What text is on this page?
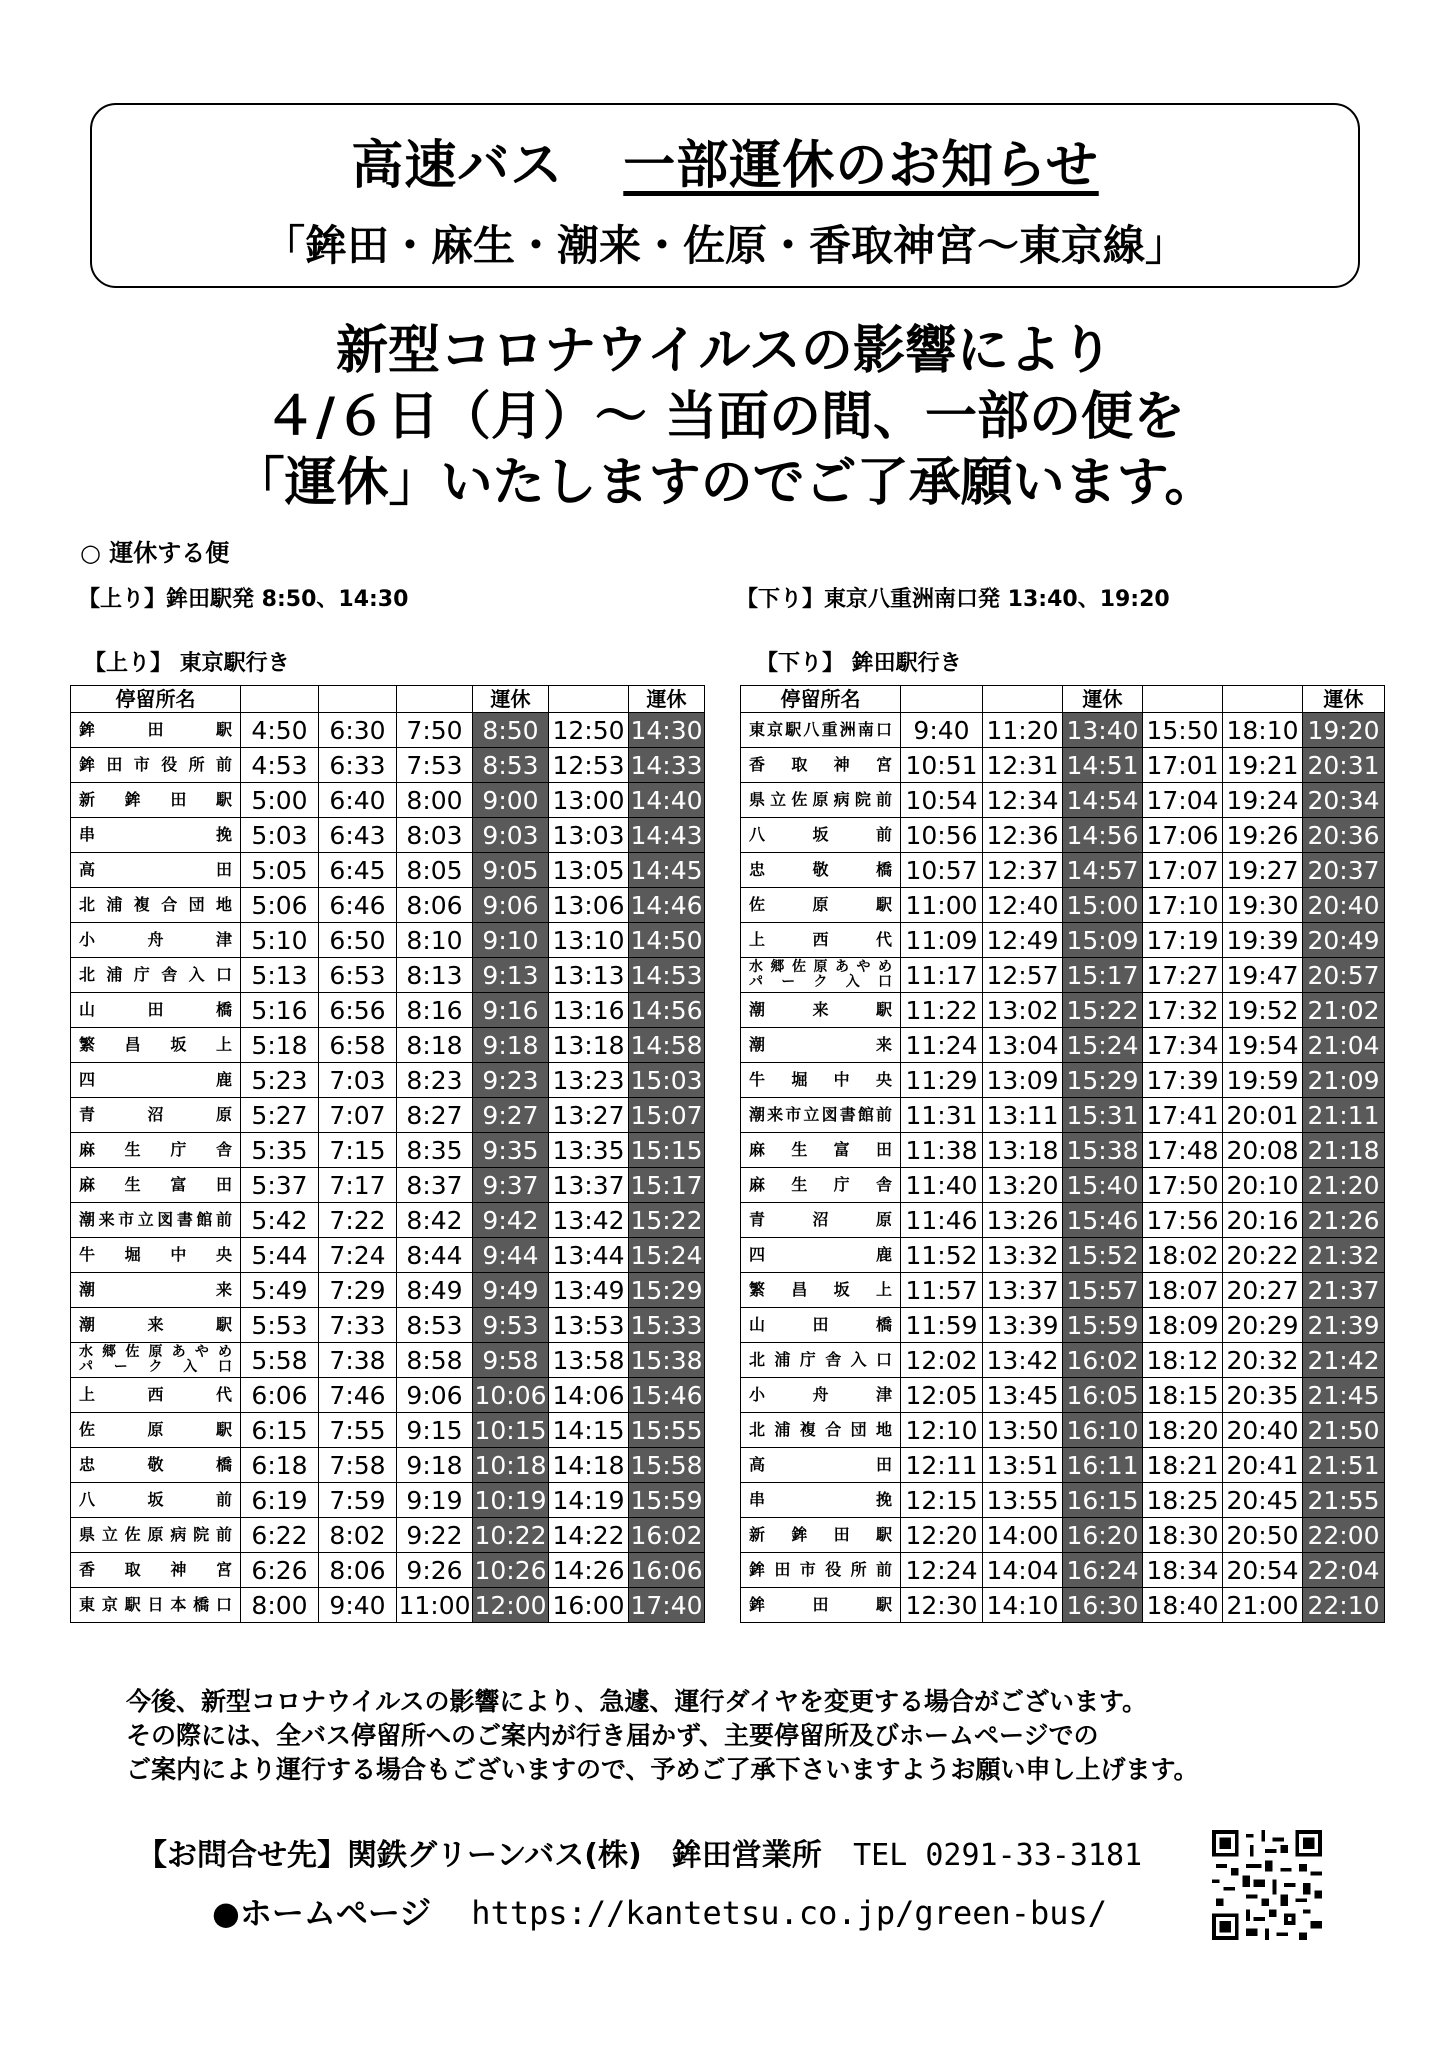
高速バス 一部運休のお知らせ
「鉾田・麻生・潮来・佐原・香取神宮～東京線」
新型コロナウイルスの影響により
４/６日（月）～ 当面の間、一部の便を
「運休」いたしますのでご了承願います。
○ 運休する便
【上り】鉾田駅発 8:50、14:30	【下り】東京八重洲南口発 13:40、19:20
【上り】 東京駅行き	【下り】 鉾田駅行き
停留所名				運休		運休
鉾田駅	4:50	6:30	7:50	8:50	12:50	14:30
鉾田市役所前	4:53	6:33	7:53	8:53	12:53	14:33
新鉾田駅	5:00	6:40	8:00	9:00	13:00	14:40
串挽	5:03	6:43	8:03	9:03	13:03	14:43
高田	5:05	6:45	8:05	9:05	13:05	14:45
北浦複合団地	5:06	6:46	8:06	9:06	13:06	14:46
小舟津	5:10	6:50	8:10	9:10	13:10	14:50
北浦庁舎入口	5:13	6:53	8:13	9:13	13:13	14:53
山田橋	5:16	6:56	8:16	9:16	13:16	14:56
繁昌坂上	5:18	6:58	8:18	9:18	13:18	14:58
四鹿	5:23	7:03	8:23	9:23	13:23	15:03
青沼原	5:27	7:07	8:27	9:27	13:27	15:07
麻生庁舎	5:35	7:15	8:35	9:35	13:35	15:15
麻生富田	5:37	7:17	8:37	9:37	13:37	15:17
潮来市立図書館前	5:42	7:22	8:42	9:42	13:42	15:22
牛堀中央	5:44	7:24	8:44	9:44	13:44	15:24
潮来	5:49	7:29	8:49	9:49	13:49	15:29
潮来駅	5:53	7:33	8:53	9:53	13:53	15:33

水郷佐原あやめ
パーク入口	5:58	7:38	8:58	9:58	13:58	15:38
上西代	6:06	7:46	9:06	10:06	14:06	15:46
佐原駅	6:15	7:55	9:15	10:15	14:15	15:55
忠敬橋	6:18	7:58	9:18	10:18	14:18	15:58
八坂前	6:19	7:59	9:19	10:19	14:19	15:59
県立佐原病院前	6:22	8:02	9:22	10:22	14:22	16:02
香取神宮	6:26	8:06	9:26	10:26	14:26	16:06
東京駅日本橋口	8:00	9:40	11:00	12:00	16:00	17:40
停留所名			運休			運休
東京駅八重洲南口	9:40	11:20	13:40	15:50	18:10	19:20
香取神宮	10:51	12:31	14:51	17:01	19:21	20:31
県立佐原病院前	10:54	12:34	14:54	17:04	19:24	20:34
八坂前	10:56	12:36	14:56	17:06	19:26	20:36
忠敬橋	10:57	12:37	14:57	17:07	19:27	20:37
佐原駅	11:00	12:40	15:00	17:10	19:30	20:40
上西代	11:09	12:49	15:09	17:19	19:39	20:49

水郷佐原あやめ
パーク入口	11:17	12:57	15:17	17:27	19:47	20:57
潮来駅	11:22	13:02	15:22	17:32	19:52	21:02
潮来	11:24	13:04	15:24	17:34	19:54	21:04
牛堀中央	11:29	13:09	15:29	17:39	19:59	21:09
潮来市立図書館前	11:31	13:11	15:31	17:41	20:01	21:11
麻生富田	11:38	13:18	15:38	17:48	20:08	21:18
麻生庁舎	11:40	13:20	15:40	17:50	20:10	21:20
青沼原	11:46	13:26	15:46	17:56	20:16	21:26
四鹿	11:52	13:32	15:52	18:02	20:22	21:32
繁昌坂上	11:57	13:37	15:57	18:07	20:27	21:37
山田橋	11:59	13:39	15:59	18:09	20:29	21:39
北浦庁舎入口	12:02	13:42	16:02	18:12	20:32	21:42
小舟津	12:05	13:45	16:05	18:15	20:35	21:45
北浦複合団地	12:10	13:50	16:10	18:20	20:40	21:50
高田	12:11	13:51	16:11	18:21	20:41	21:51
串挽	12:15	13:55	16:15	18:25	20:45	21:55
新鉾田駅	12:20	14:00	16:20	18:30	20:50	22:00
鉾田市役所前	12:24	14:04	16:24	18:34	20:54	22:04
鉾田駅	12:30	14:10	16:30	18:40	21:00	22:10
今後、新型コロナウイルスの影響により、急遽、運行ダイヤを変更する場合がございます。
その際には、全バス停留所へのご案内が行き届かず、主要停留所及びホームページでの
ご案内により運行する場合もございますので、予めご了承下さいますようお願い申し上げます。
【お問合せ先】関鉄グリーンバス(株)　鉾田営業所 TEL 0291-33-3181
●ホームページ https://kantetsu.co.jp/green-bus/
